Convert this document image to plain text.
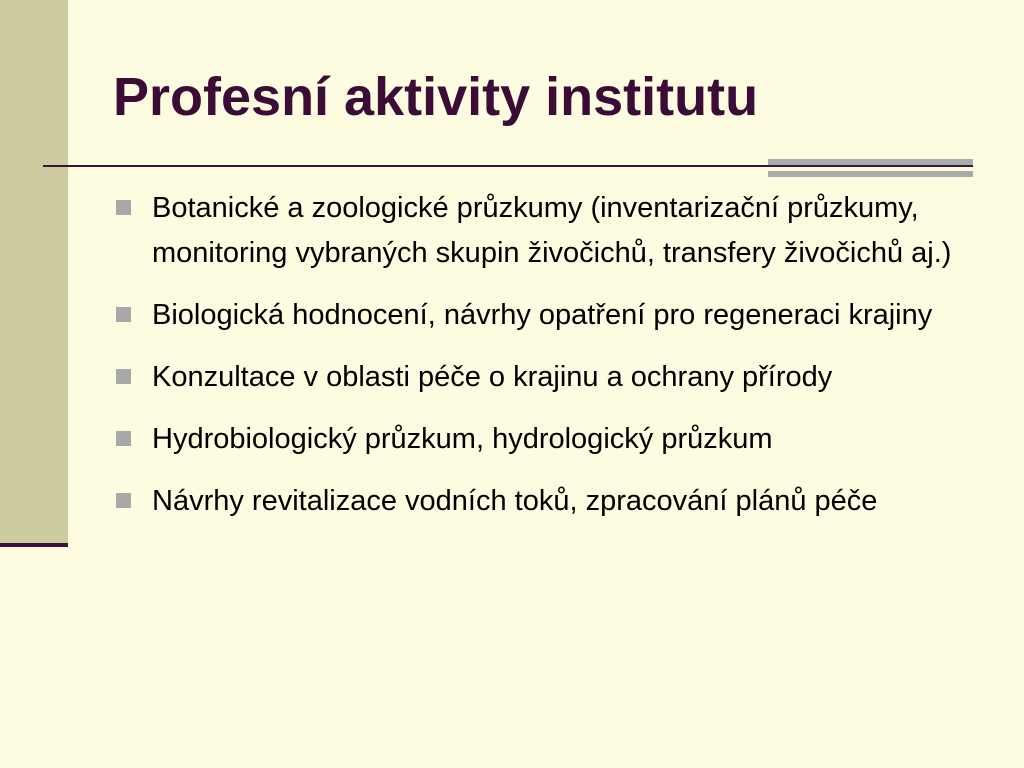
Profesní aktivity institutu
Botanické a zoologické průzkumy (inventarizační průzkumy, monitoring vybraných skupin živočichů, transfery živočichů aj.)
Biologická hodnocení, návrhy opatření pro regeneraci krajiny
Konzultace v oblasti péče o krajinu a ochrany přírody
Hydrobiologický průzkum, hydrologický průzkum
Návrhy revitalizace vodních toků, zpracování plánů péče
